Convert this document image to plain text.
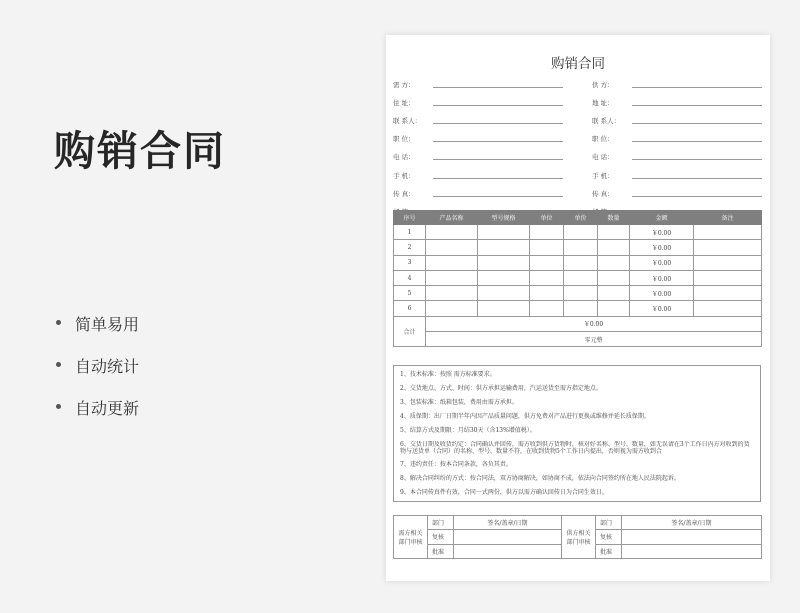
购销合同
简单易用
自动统计
自动更新
购销合同
需 方：
住 址：
联 系人：
职 位：
电 话：
手 机：
传 真：
供 方：
地 址：
联 系人：
职 位：
电 话：
手 机：
传 真：
序号	产品名称	型号规格	单位	单价	数量	金额	备注
1						￥0.00	
2						￥0.00	
3						￥0.00	
4						￥0.00	
5						￥0.00	
6						￥0.00	
合计	￥0.00						
	零元整						

1、技术标准：按照 需方标准要求。

2、交货地点、方式、时间：供方承担运输费用，汽运送货至需方指定地点。

3、包装标准：纸箱包装，费用由需方承担。

4、质保期：出厂日期半年内因产品质量问题，供方免费对产品进行更换或维修并延长质保期。

5、结算方式及期限：月结30天（含13%增值税）。

6、交货日期及收货约定：合同确认并回传，需方收到供方货物时，核对好名称、型号、数量，如无误请在3个工作日内方对收到的货物与送货单（合同）的名称、型号、数量不符，在收到货物5个工作日内提出，否则视为需方收到合

7、违约责任：按本合同条款，各负其责。

8、解决合同纠纷的方式：按合同法，双方协商解决，如协商不成，依法向合同签约所在地人民法院起诉。

9、本合同传真件有效，合同一式两份，供方以需方确认回传日为合同生效日。

需方相关部门审核	部门	签名/盖章/日期	供方相关部门审核	部门	签名/盖章/日期
	复核			复核	
	批准			批准	
